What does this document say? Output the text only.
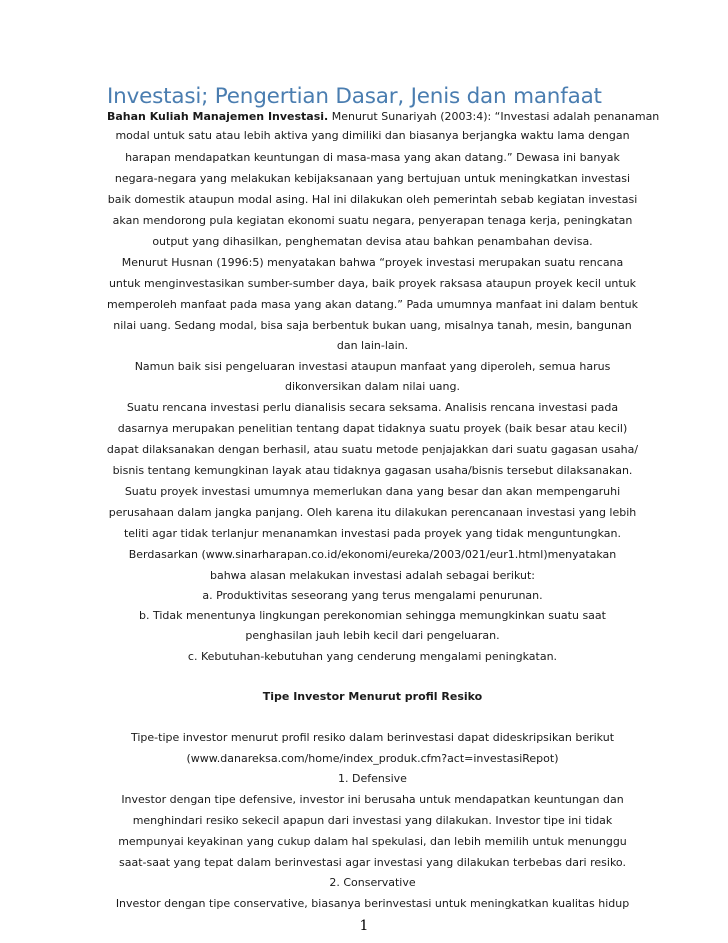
Investasi; Pengertian Dasar, Jenis dan manfaat
Bahan Kuliah Manajemen Investasi. Menurut Sunariyah (2003:4): “Investasi adalah penanaman
modal untuk satu atau lebih aktiva yang dimiliki dan biasanya berjangka waktu lama dengan
harapan mendapatkan keuntungan di masa-masa yang akan datang.” Dewasa ini banyak
negara-negara yang melakukan kebijaksanaan yang bertujuan untuk meningkatkan investasi
baik domestik ataupun modal asing. Hal ini dilakukan oleh pemerintah sebab kegiatan investasi
akan mendorong pula kegiatan ekonomi suatu negara, penyerapan tenaga kerja, peningkatan
output yang dihasilkan, penghematan devisa atau bahkan penambahan devisa.
Menurut Husnan (1996:5) menyatakan bahwa “proyek investasi merupakan suatu rencana
untuk menginvestasikan sumber-sumber daya, baik proyek raksasa ataupun proyek kecil untuk
memperoleh manfaat pada masa yang akan datang.” Pada umumnya manfaat ini dalam bentuk
nilai uang. Sedang modal, bisa saja berbentuk bukan uang, misalnya tanah, mesin, bangunan
dan lain-lain.
Namun baik sisi pengeluaran investasi ataupun manfaat yang diperoleh, semua harus
dikonversikan dalam nilai uang.
Suatu rencana investasi perlu dianalisis secara seksama. Analisis rencana investasi pada
dasarnya merupakan penelitian tentang dapat tidaknya suatu proyek (baik besar atau kecil)
dapat dilaksanakan dengan berhasil, atau suatu metode penjajakkan dari suatu gagasan usaha/
bisnis tentang kemungkinan layak atau tidaknya gagasan usaha/bisnis tersebut dilaksanakan.
Suatu proyek investasi umumnya memerlukan dana yang besar dan akan mempengaruhi
perusahaan dalam jangka panjang. Oleh karena itu dilakukan perencanaan investasi yang lebih
teliti agar tidak terlanjur menanamkan investasi pada proyek yang tidak menguntungkan.
Berdasarkan (www.sinarharapan.co.id/ekonomi/eureka/2003/021/eur1.html)menyatakan
bahwa alasan melakukan investasi adalah sebagai berikut:
a. Produktivitas seseorang yang terus mengalami penurunan.
b. Tidak menentunya lingkungan perekonomian sehingga memungkinkan suatu saat
penghasilan jauh lebih kecil dari pengeluaran.
c. Kebutuhan-kebutuhan yang cenderung mengalami peningkatan.
Tipe Investor Menurut profil Resiko
Tipe-tipe investor menurut profil resiko dalam berinvestasi dapat dideskripsikan berikut
(www.danareksa.com/home/index_produk.cfm?act=investasiRepot)
1. Defensive
Investor dengan tipe defensive, investor ini berusaha untuk mendapatkan keuntungan dan
menghindari resiko sekecil apapun dari investasi yang dilakukan. Investor tipe ini tidak
mempunyai keyakinan yang cukup dalam hal spekulasi, dan lebih memilih untuk menunggu
saat-saat yang tepat dalam berinvestasi agar investasi yang dilakukan terbebas dari resiko.
2. Conservative
Investor dengan tipe conservative, biasanya berinvestasi untuk meningkatkan kualitas hidup
1
